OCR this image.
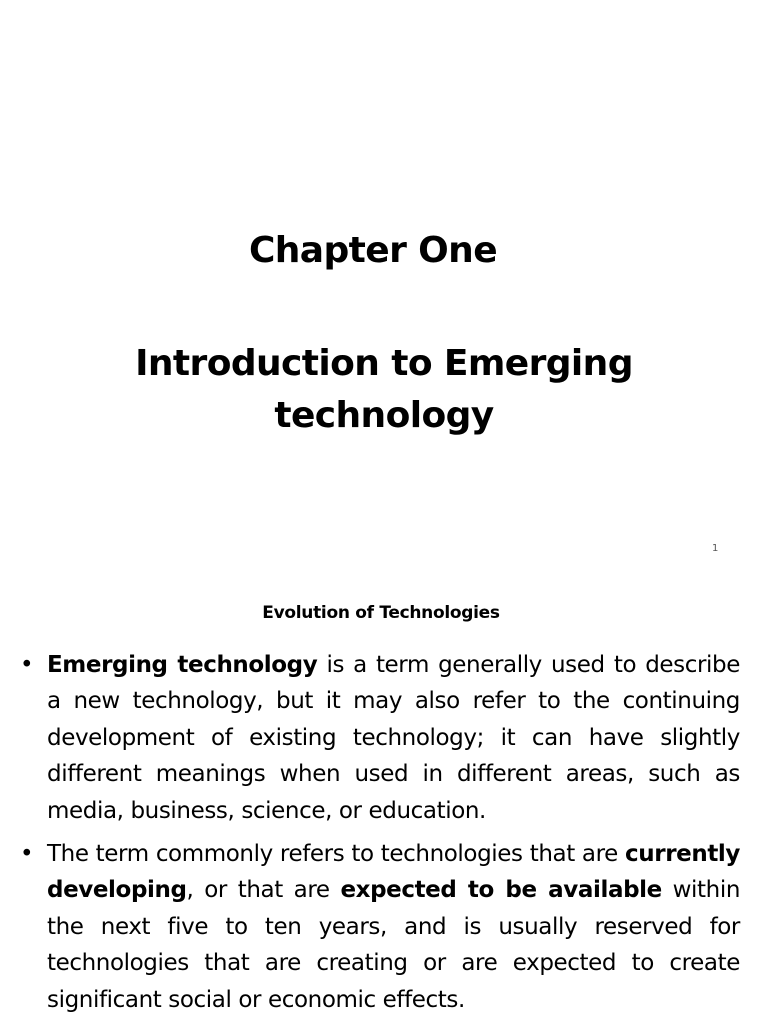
Chapter One
Introduction to Emerging
technology
1
Evolution of Technologies
• Emerging technology is a term generally used to describe a new technology, but it may also refer to the continuing development of existing technology; it can have slightly different meanings when used in different areas, such as media, business, science, or education.
• The term commonly refers to technologies that are currently developing, or that are expected to be available within the next five to ten years, and is usually reserved for technologies that are creating or are expected to create significant social or economic effects.
